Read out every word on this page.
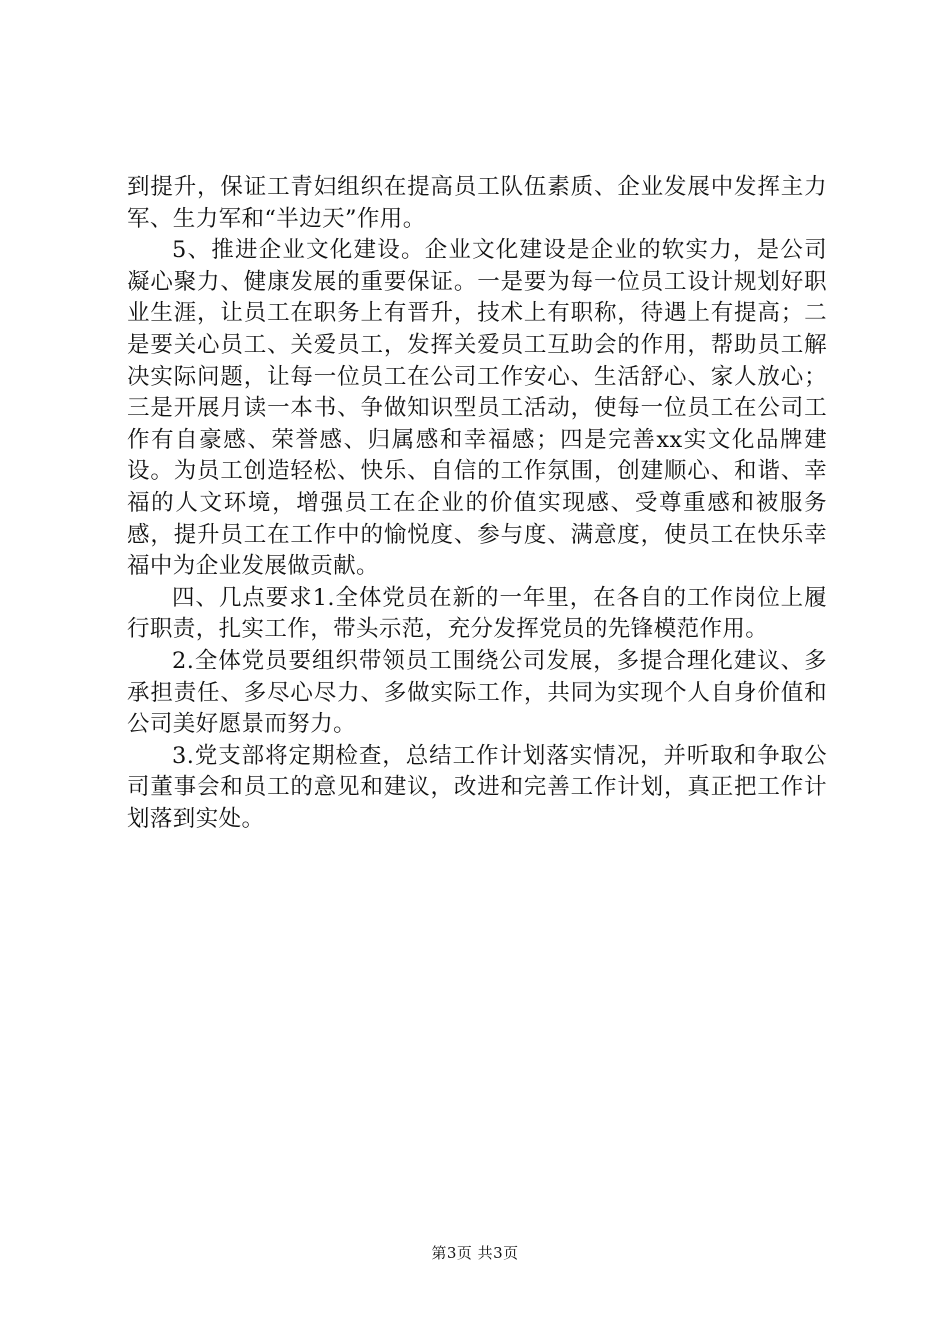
到提升，保证工青妇组织在提高员工队伍素质、企业发展中发挥主力军、生力军和“半边天”作用。

5、推进企业文化建设。企业文化建设是企业的软实力，是公司凝心聚力、健康发展的重要保证。一是要为每一位员工设计规划好职业生涯，让员工在职务上有晋升，技术上有职称，待遇上有提高；二是要关心员工、关爱员工，发挥关爱员工互助会的作用，帮助员工解决实际问题，让每一位员工在公司工作安心、生活舒心、家人放心；三是开展月读一本书、争做知识型员工活动，使每一位员工在公司工作有自豪感、荣誉感、归属感和幸福感；四是完善xx实文化品牌建设。为员工创造轻松、快乐、自信的工作氛围，创建顺心、和谐、幸福的人文环境，增强员工在企业的价值实现感、受尊重感和被服务感，提升员工在工作中的愉悦度、参与度、满意度，使员工在快乐幸福中为企业发展做贡献。

四、几点要求1.全体党员在新的一年里，在各自的工作岗位上履行职责，扎实工作，带头示范，充分发挥党员的先锋模范作用。

2.全体党员要组织带领员工围绕公司发展，多提合理化建议、多承担责任、多尽心尽力、多做实际工作，共同为实现个人自身价值和公司美好愿景而努力。

3.党支部将定期检查，总结工作计划落实情况，并听取和争取公司董事会和员工的意见和建议，改进和完善工作计划，真正把工作计划落到实处。

第3页 共3页
